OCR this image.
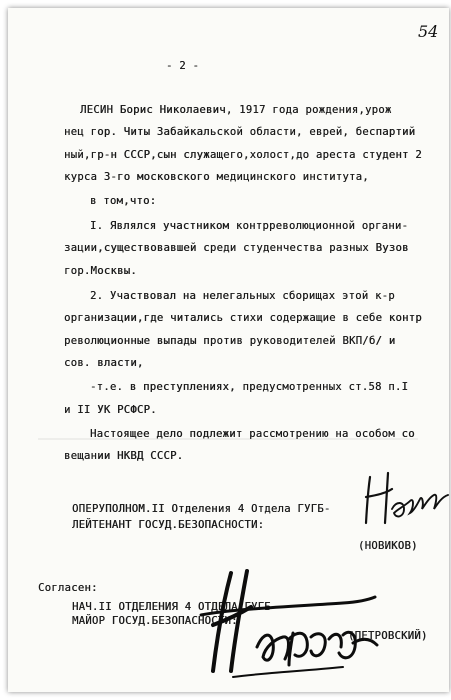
54
- 2 -
ЛЕСИН Борис Николаевич, 1917 года рождения,урож
нец гор. Читы Забайкальской области, еврей, беспартий
ный,гр-н СССР,сын служащего,холост,до ареста студент 2
курса 3-го московского медицинского института,
в том,что:
I. Являлся участником контрреволюционной органи-
зации,существовавшей среди студенчества разных Вузов
гор.Москвы.
2. Участвовал на нелегальных сборищах этой к-р
организации,где читались стихи содержащие в себе контр
революционные выпады против руководителей ВКП/б/ и
сов. власти,
-т.е. в преступлениях, предусмотренных ст.58 п.I
и II УК РСФСР.
Настоящее дело подлежит рассмотрению на особом со
вещании НКВД СССР.
ОПЕРУПОЛНОМ.II Отделения 4 Отдела ГУГБ-
ЛЕЙТЕНАНТ ГОСУД.БЕЗОПАСНОСТИ:
(НОВИКОВ)
Согласен:
НАЧ.II ОТДЕЛЕНИЯ 4 ОТДЕЛА ГУГБ-
МАЙОР ГОСУД.БЕЗОПАСНОСТИ:
(ПЕТРОВСКИЙ)
